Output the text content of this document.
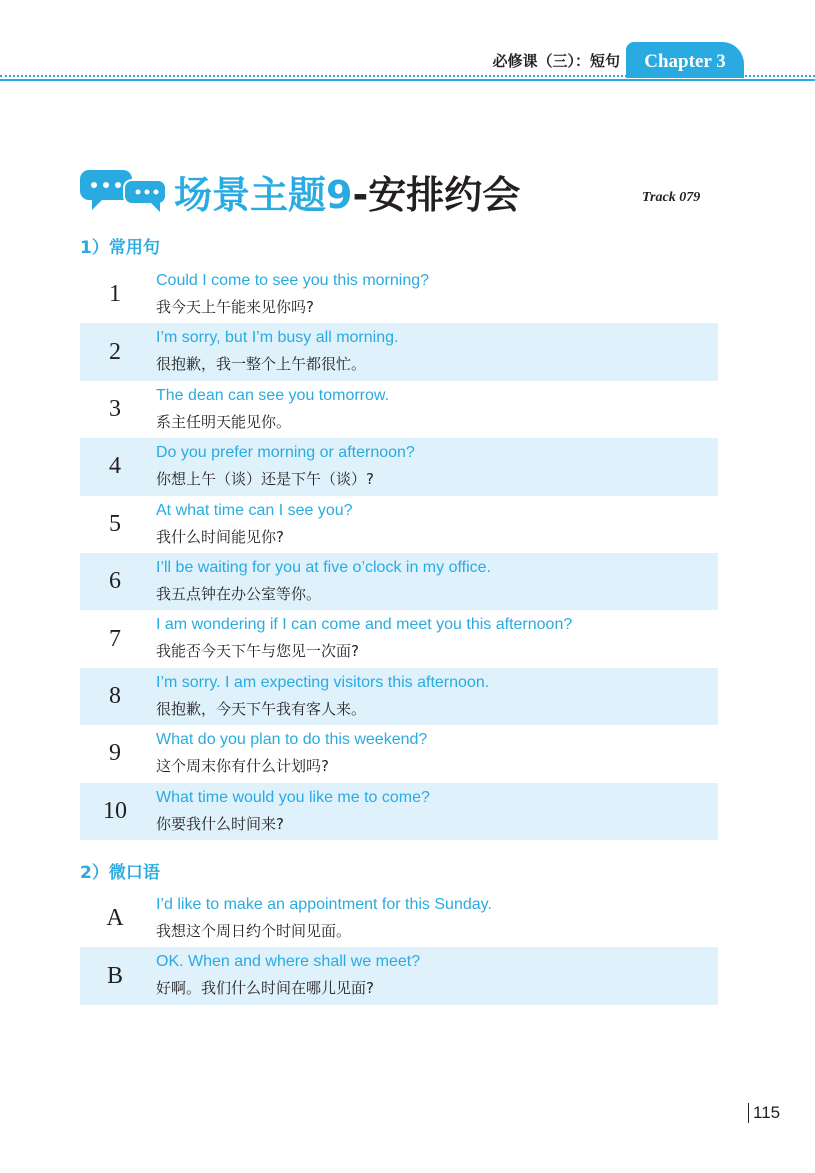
必修课（三）：短句	Chapter 3
场景主题9-安排约会	Track 079
1）常用句
1
Could I come to see you this morning?
我今天上午能来见你吗?
2
I’m sorry, but I’m busy all morning.
很抱歉，我一整个上午都很忙。
3
The dean can see you tomorrow.
系主任明天能见你。
4
Do you prefer morning or afternoon?
你想上午（谈）还是下午（谈）?
5
At what time can I see you?
我什么时间能见你?
6
I’ll be waiting for you at five o’clock in my office.
我五点钟在办公室等你。
7
I am wondering if I can come and meet you this afternoon?
我能否今天下午与您见一次面?
8
I’m sorry. I am expecting visitors this afternoon.
很抱歉，今天下午我有客人来。
9
What do you plan to do this weekend?
这个周末你有什么计划吗?
10
What time would you like me to come?
你要我什么时间来?
2）微口语
A
I’d like to make an appointment for this Sunday.
我想这个周日约个时间见面。
B
OK. When and where shall we meet?
好啊。我们什么时间在哪儿见面?
115
